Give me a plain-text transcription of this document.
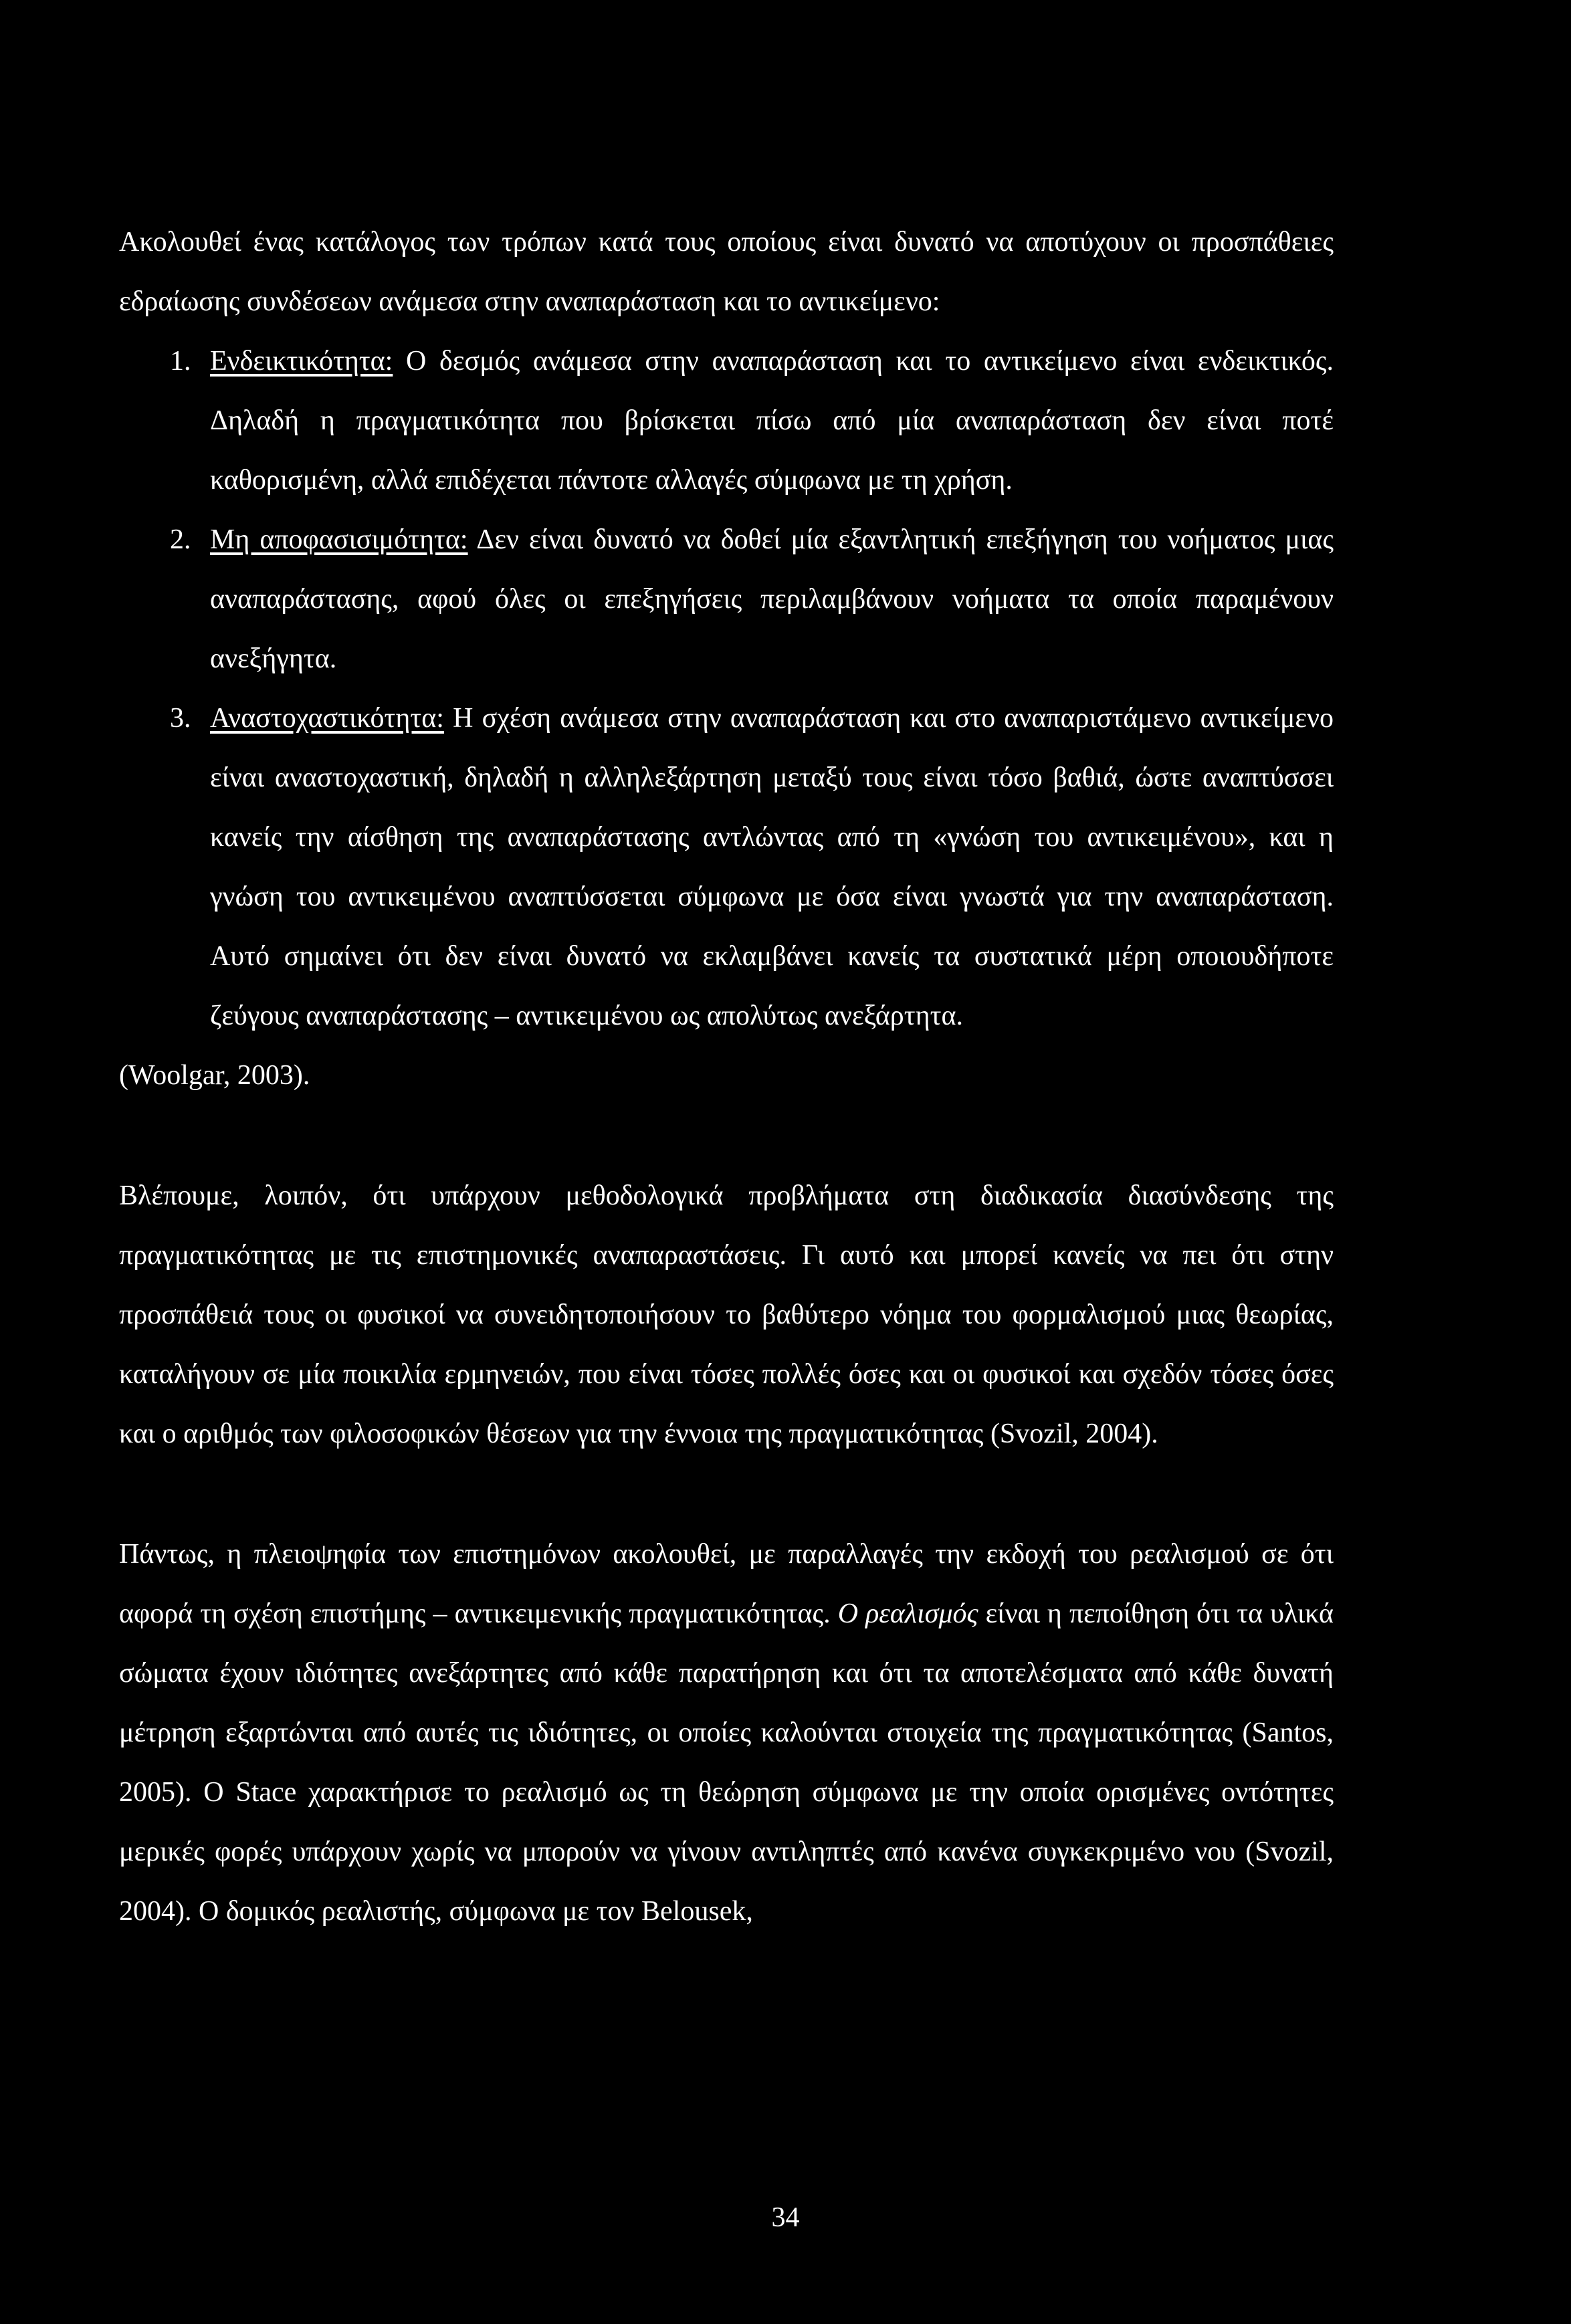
Ακολουθεί ένας κατάλογος των τρόπων κατά τους οποίους είναι δυνατό να αποτύχουν οι προσπάθειες εδραίωσης συνδέσεων ανάμεσα στην αναπαράσταση και το αντικείμενο:

1. Ενδεικτικότητα: Ο δεσμός ανάμεσα στην αναπαράσταση και το αντικείμενο είναι ενδεικτικός. Δηλαδή η πραγματικότητα που βρίσκεται πίσω από μία αναπαράσταση δεν είναι ποτέ καθορισμένη, αλλά επιδέχεται πάντοτε αλλαγές σύμφωνα με τη χρήση.
2. Μη αποφασισιμότητα: Δεν είναι δυνατό να δοθεί μία εξαντλητική επεξήγηση του νοήματος μιας αναπαράστασης, αφού όλες οι επεξηγήσεις περιλαμβάνουν νοήματα τα οποία παραμένουν ανεξήγητα.
3. Αναστοχαστικότητα: Η σχέση ανάμεσα στην αναπαράσταση και στο αναπαριστάμενο αντικείμενο είναι αναστοχαστική, δηλαδή η αλληλεξάρτηση μεταξύ τους είναι τόσο βαθιά, ώστε αναπτύσσει κανείς την αίσθηση της αναπαράστασης αντλώντας από τη «γνώση του αντικειμένου», και η γνώση του αντικειμένου αναπτύσσεται σύμφωνα με όσα είναι γνωστά για την αναπαράσταση. Αυτό σημαίνει ότι δεν είναι δυνατό να εκλαμβάνει κανείς τα συστατικά μέρη οποιουδήποτε ζεύγους αναπαράστασης – αντικειμένου ως απολύτως ανεξάρτητα.

(Woolgar, 2003).

Βλέπουμε, λοιπόν, ότι υπάρχουν μεθοδολογικά προβλήματα στη διαδικασία διασύνδεσης της πραγματικότητας με τις επιστημονικές αναπαραστάσεις. Γι αυτό και μπορεί κανείς να πει ότι στην προσπάθειά τους οι φυσικοί να συνειδητοποιήσουν το βαθύτερο νόημα του φορμαλισμού μιας θεωρίας, καταλήγουν σε μία ποικιλία ερμηνειών, που είναι τόσες πολλές όσες και οι φυσικοί και σχεδόν τόσες όσες και ο αριθμός των φιλοσοφικών θέσεων για την έννοια της πραγματικότητας (Svozil, 2004).

Πάντως, η πλειοψηφία των επιστημόνων ακολουθεί, με παραλλαγές την εκδοχή του ρεαλισμού σε ότι αφορά τη σχέση επιστήμης – αντικειμενικής πραγματικότητας. Ο ρεαλισμός είναι η πεποίθηση ότι τα υλικά σώματα έχουν ιδιότητες ανεξάρτητες από κάθε παρατήρηση και ότι τα αποτελέσματα από κάθε δυνατή μέτρηση εξαρτώνται από αυτές τις ιδιότητες, οι οποίες καλούνται στοιχεία της πραγματικότητας (Santos, 2005). Ο Stace χαρακτήρισε το ρεαλισμό ως τη θεώρηση σύμφωνα με την οποία ορισμένες οντότητες μερικές φορές υπάρχουν χωρίς να μπορούν να γίνουν αντιληπτές από κανένα συγκεκριμένο νου (Svozil, 2004). Ο δομικός ρεαλιστής, σύμφωνα με τον Belousek,

34
